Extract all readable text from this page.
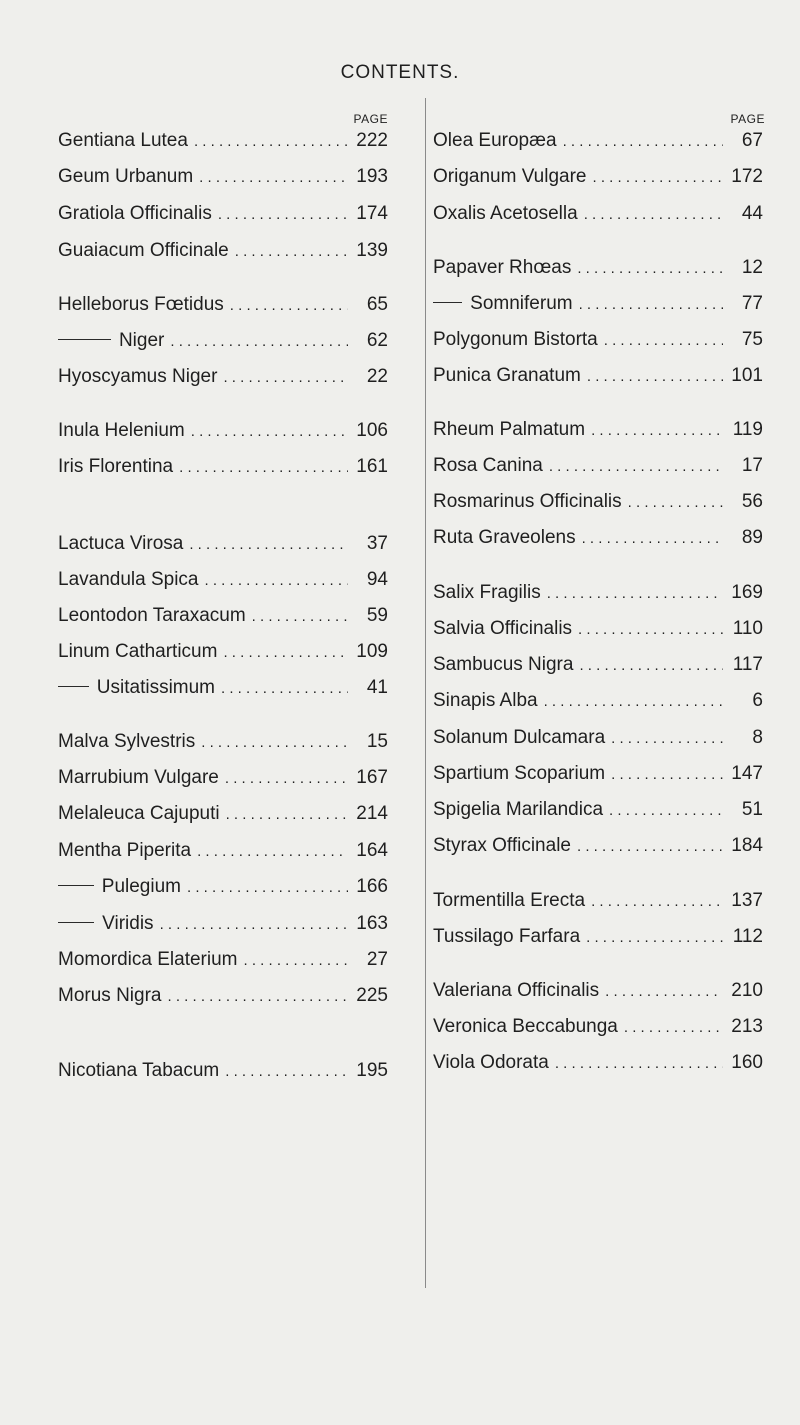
CONTENTS.
PAGE
Gentiana Lutea . . .	222
Geum Urbanum . . .	193
Gratiola Officinalis . . .	174
Guaiacum Officinale . . .	139
Helleborus Fœtidus . . .	65
Niger . . .	62
Hyoscyamus Niger . . .	22
Inula Helenium . . .	106
Iris Florentina . . .	161
Lactuca Virosa . . .	37
Lavandula Spica . . .	94
Leontodon Taraxacum . . .	59
Linum Catharticum . . .	109
Usitatissimum . . .	41
Malva Sylvestris . . .	15
Marrubium Vulgare . . .	167
Melaleuca Cajuputi . . .	214
Mentha Piperita . . .	164
Pulegium . . .	166
Viridis . . .	163
Momordica Elaterium . . .	27
Morus Nigra . . .	225
Nicotiana Tabacum . . .	195
PAGE
Olea Europæa . . .	67
Origanum Vulgare . . .	172
Oxalis Acetosella . . .	44
Papaver Rhœas . . .	12
Somniferum . . .	77
Polygonum Bistorta . . .	75
Punica Granatum . . .	101
Rheum Palmatum . . .	119
Rosa Canina . . .	17
Rosmarinus Officinalis . . .	56
Ruta Graveolens . . .	89
Salix Fragilis . . .	169
Salvia Officinalis . . .	110
Sambucus Nigra . . .	117
Sinapis Alba . . .	6
Solanum Dulcamara . . .	8
Spartium Scoparium . . .	147
Spigelia Marilandica . . .	51
Styrax Officinale . . .	184
Tormentilla Erecta . . .	137
Tussilago Farfara . . .	112
Valeriana Officinalis . . .	210
Veronica Beccabunga . . .	213
Viola Odorata . . .	160
